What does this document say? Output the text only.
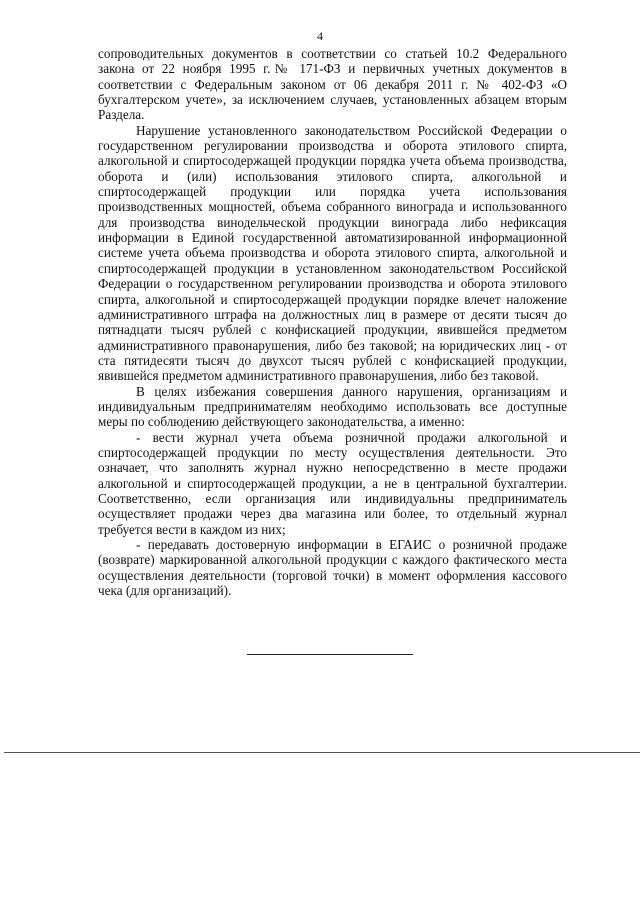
4

сопроводительных документов в соответствии со статьей 10.2 Федерального закона от 22 ноября 1995 г.№ 171-ФЗ и первичных учетных документов в соответствии с Федеральным законом от 06 декабря 2011 г. № 402-ФЗ «О бухгалтерском учете», за исключением случаев, установленных абзацем вторым Раздела.

Нарушение установленного законодательством Российской Федерации о государственном регулировании производства и оборота этилового спирта, алкогольной и спиртосодержащей продукции порядка учета объема производства, оборота и (или) использования этилового спирта, алкогольной и спиртосодержащей продукции или порядка учета использования производственных мощностей, объема собранного винограда и использованного для производства винодельческой продукции винограда либо нефиксация информации в Единой государственной автоматизированной информационной системе учета объема производства и оборота этилового спирта, алкогольной и спиртосодержащей продукции в установленном законодательством Российской Федерации о государственном регулировании производства и оборота этилового спирта, алкогольной и спиртосодержащей продукции порядке влечет наложение административного штрафа на должностных лиц в размере от десяти тысяч до пятнадцати тысяч рублей с конфискацией продукции, явившейся предметом административного правонарушения, либо без таковой; на юридических лиц - от ста пятидесяти тысяч до двухсот тысяч рублей с конфискацией продукции, явившейся предметом административного правонарушения, либо без таковой.

В целях избежания совершения данного нарушения, организациям и индивидуальным предпринимателям необходимо использовать все доступные меры по соблюдению действующего законодательства, а именно:

- вести журнал учета объема розничной продажи алкогольной и спиртосодержащей продукции по месту осуществления деятельности. Это означает, что заполнять журнал нужно непосредственно в месте продажи алкогольной и спиртосодержащей продукции, а не в центральной бухгалтерии. Соответственно, если организация или индивидуальны предприниматель осуществляет продажи через два магазина или более, то отдельный журнал требуется вести в каждом из них;

- передавать достоверную информации в ЕГАИС о розничной продаже (возврате) маркированной алкогольной продукции с каждого фактического места осуществления деятельности (торговой точки) в момент оформления кассового чека (для организаций).
